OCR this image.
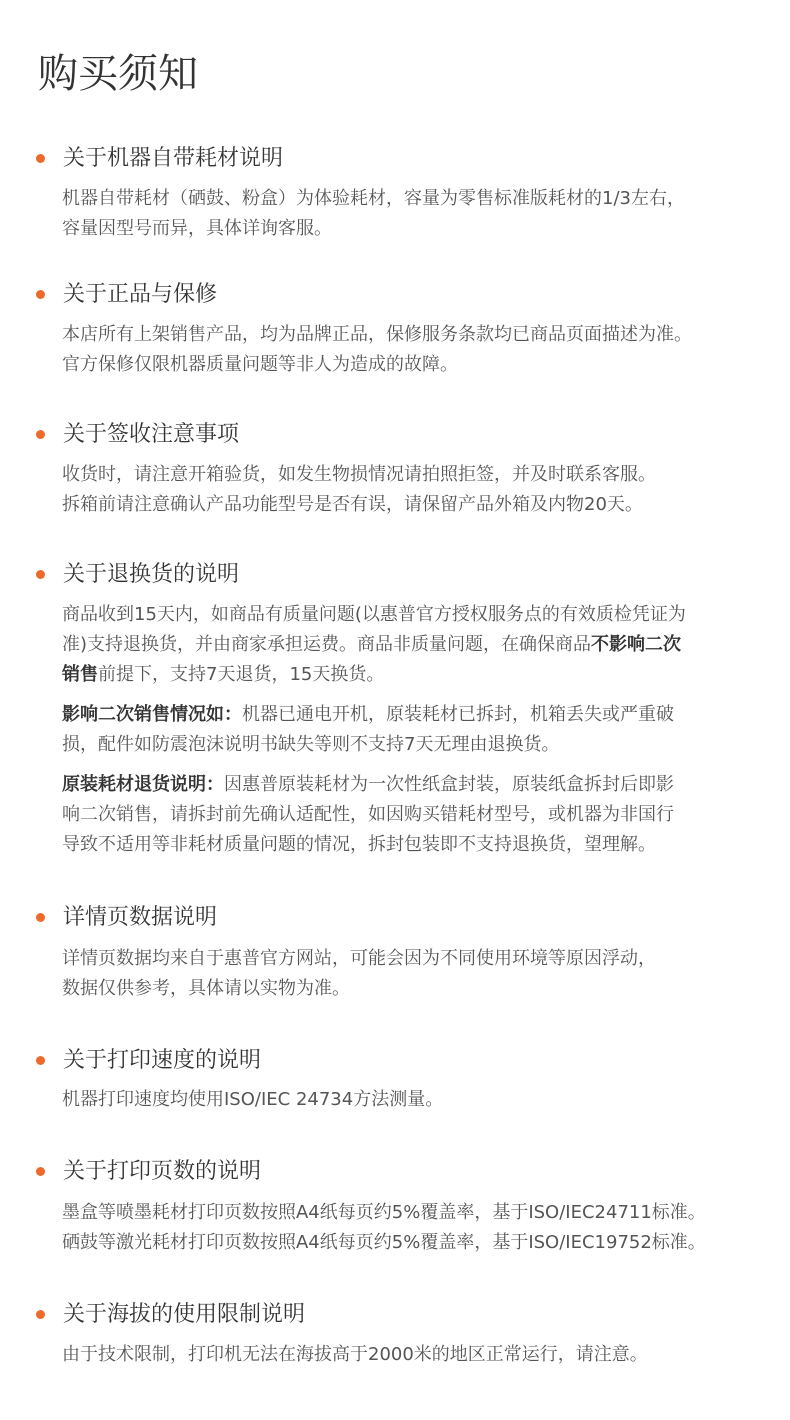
购买须知
关于机器自带耗材说明
机器自带耗材（硒鼓、粉盒）为体验耗材，容量为零售标准版耗材的1/3左右，
容量因型号而异，具体详询客服。
关于正品与保修
本店所有上架销售产品，均为品牌正品，保修服务条款均已商品页面描述为准。
官方保修仅限机器质量问题等非人为造成的故障。
关于签收注意事项
收货时，请注意开箱验货，如发生物损情况请拍照拒签，并及时联系客服。
拆箱前请注意确认产品功能型号是否有误，请保留产品外箱及内物20天。
关于退换货的说明
商品收到15天内，如商品有质量问题(以惠普官方授权服务点的有效质检凭证为
准)支持退换货，并由商家承担运费。商品非质量问题，在确保商品不影响二次
销售前提下，支持7天退货，15天换货。
影响二次销售情况如：机器已通电开机，原装耗材已拆封，机箱丢失或严重破
损，配件如防震泡沫说明书缺失等则不支持7天无理由退换货。
原装耗材退货说明：因惠普原装耗材为一次性纸盒封装，原装纸盒拆封后即影
响二次销售，请拆封前先确认适配性，如因购买错耗材型号，或机器为非国行
导致不适用等非耗材质量问题的情况，拆封包装即不支持退换货，望理解。
详情页数据说明
详情页数据均来自于惠普官方网站，可能会因为不同使用环境等原因浮动，
数据仅供参考，具体请以实物为准。
关于打印速度的说明
机器打印速度均使用ISO/IEC 24734方法测量。
关于打印页数的说明
墨盒等喷墨耗材打印页数按照A4纸每页约5%覆盖率，基于ISO/IEC24711标准。
硒鼓等激光耗材打印页数按照A4纸每页约5%覆盖率，基于ISO/IEC19752标准。
关于海拔的使用限制说明
由于技术限制，打印机无法在海拔高于2000米的地区正常运行，请注意。
